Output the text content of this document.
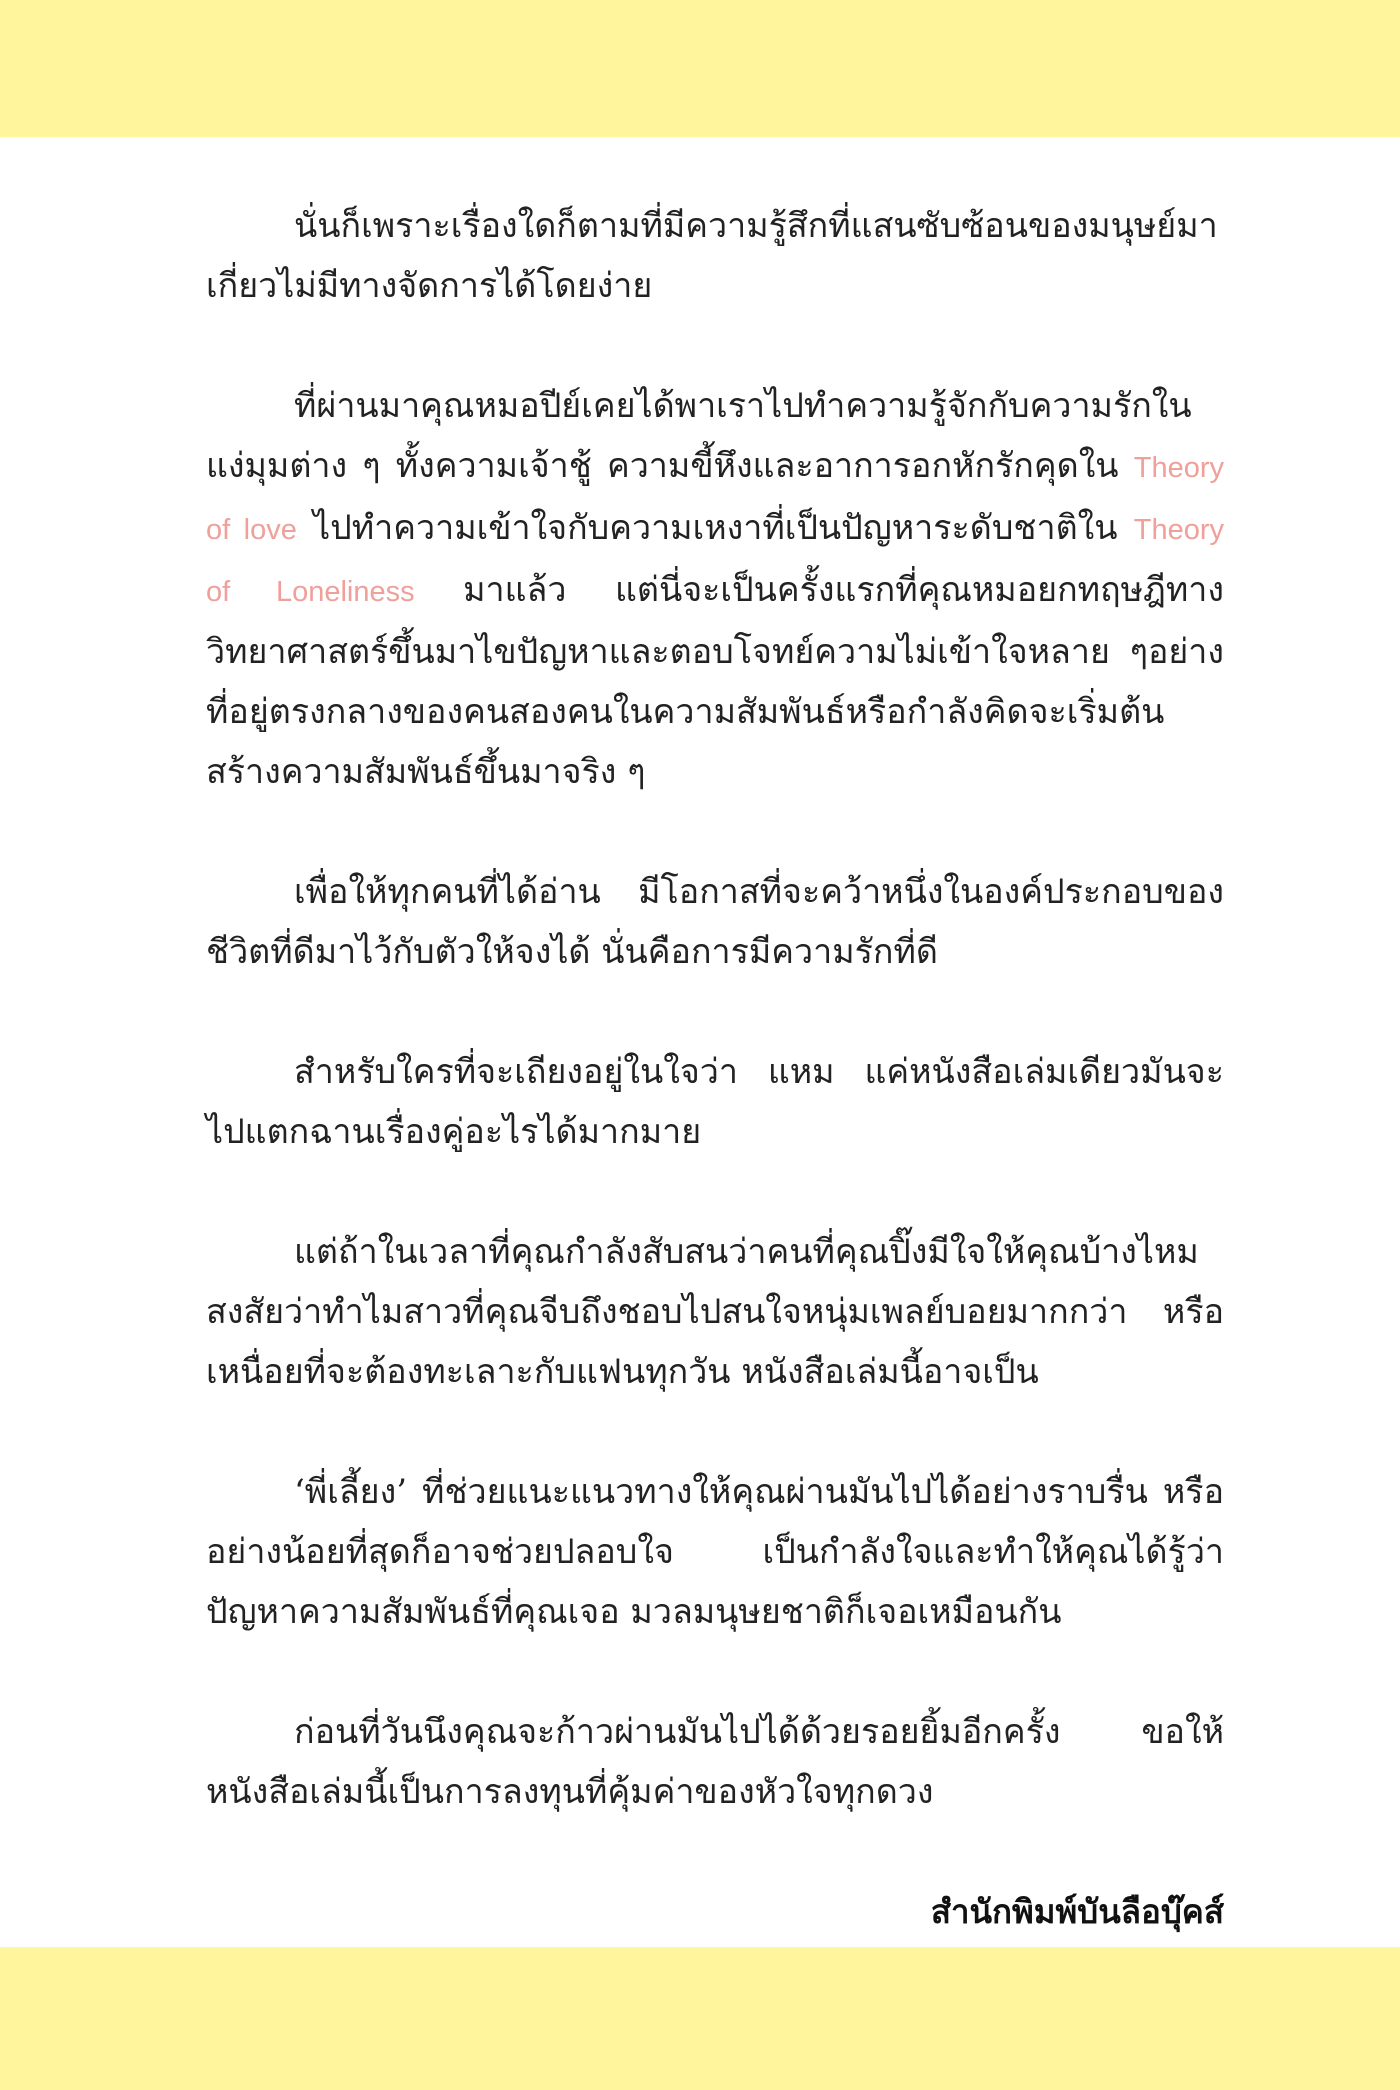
นั่นก็เพราะเรื่องใดก็ตามที่มีความรู้สึกที่แสนซับซ้อนของมนุษย์มาเกี่ยวไม่มีทางจัดการได้โดยง่าย

ที่ผ่านมาคุณหมอปีย์เคยได้พาเราไปทำความรู้จักกับความรักในแง่มุมต่าง ๆ ทั้งความเจ้าชู้ ความขี้หึงและอาการอกหักรักคุดใน Theory of love ไปทำความเข้าใจกับความเหงาที่เป็นปัญหาระดับชาติใน Theory of Loneliness มาแล้ว แต่นี่จะเป็นครั้งแรกที่คุณหมอยกทฤษฎีทางวิทยาศาสตร์ขึ้นมาไขปัญหาและตอบโจทย์ความไม่เข้าใจหลาย ๆอย่างที่อยู่ตรงกลางของคนสองคนในความสัมพันธ์หรือกำลังคิดจะเริ่มต้นสร้างความสัมพันธ์ขึ้นมาจริง ๆ

เพื่อให้ทุกคนที่ได้อ่าน มีโอกาสที่จะคว้าหนึ่งในองค์ประกอบของชีวิตที่ดีมาไว้กับตัวให้จงได้ นั่นคือการมีความรักที่ดี

สำหรับใครที่จะเถียงอยู่ในใจว่า แหม แค่หนังสือเล่มเดียวมันจะไปแตกฉานเรื่องคู่อะไรได้มากมาย

แต่ถ้าในเวลาที่คุณกำลังสับสนว่าคนที่คุณปิ๊งมีใจให้คุณบ้างไหม สงสัยว่าทำไมสาวที่คุณจีบถึงชอบไปสนใจหนุ่มเพลย์บอยมากกว่า หรือเหนื่อยที่จะต้องทะเลาะกับแฟนทุกวัน หนังสือเล่มนี้อาจเป็น

‘พี่เลี้ยง’ ที่ช่วยแนะแนวทางให้คุณผ่านมันไปได้อย่างราบรื่น หรืออย่างน้อยที่สุดก็อาจช่วยปลอบใจ เป็นกำลังใจและทำให้คุณได้รู้ว่าปัญหาความสัมพันธ์ที่คุณเจอ มวลมนุษยชาติก็เจอเหมือนกัน

ก่อนที่วันนึงคุณจะก้าวผ่านมันไปได้ด้วยรอยยิ้มอีกครั้ง ขอให้หนังสือเล่มนี้เป็นการลงทุนที่คุ้มค่าของหัวใจทุกดวง

สำนักพิมพ์บันลือบุ๊คส์
